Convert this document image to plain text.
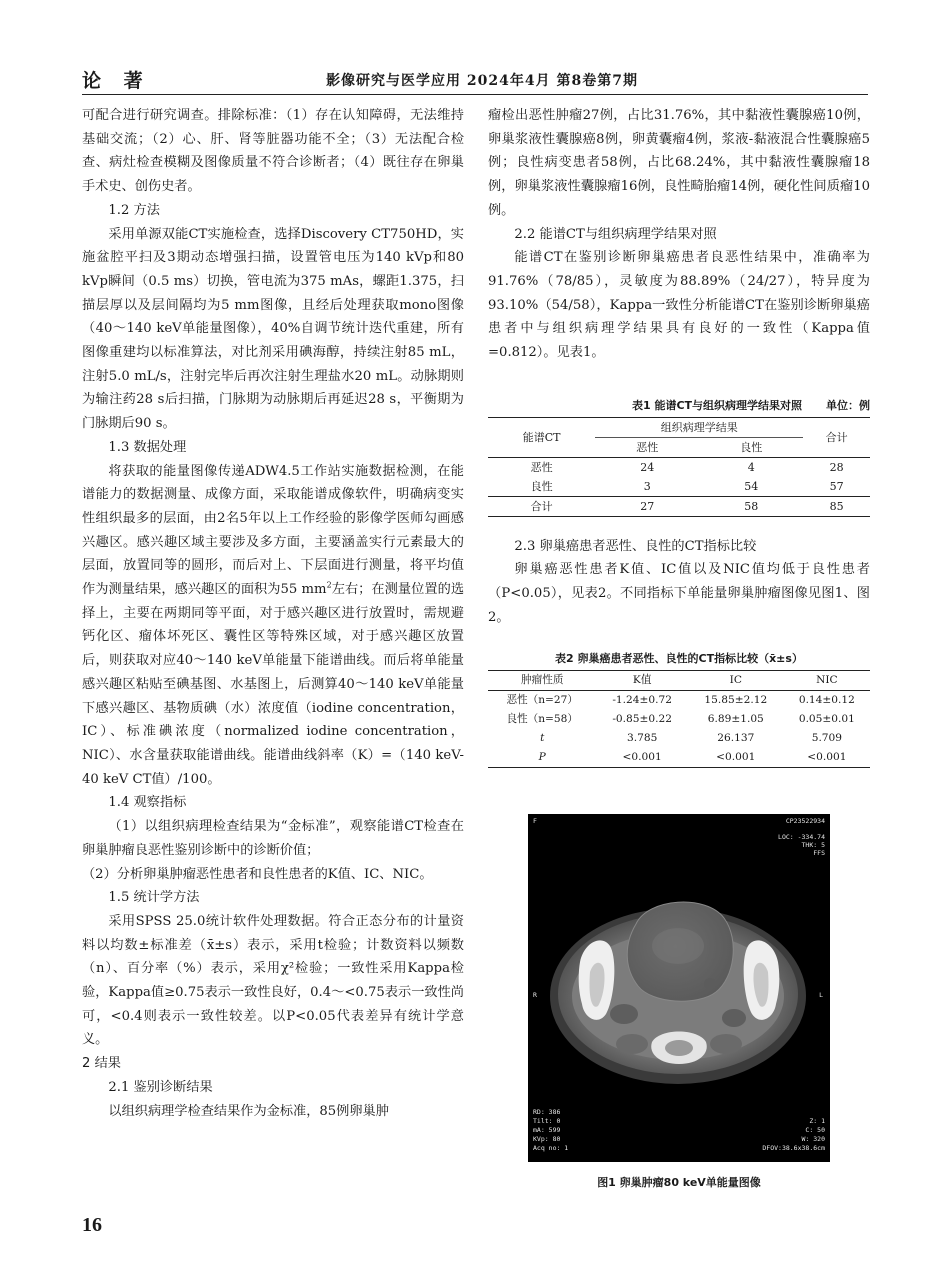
论 著	影像研究与医学应用 2024年4月 第8卷第7期

可配合进行研究调查。排除标准：（1）存在认知障碍，无法维持基础交流；（2）心、肝、肾等脏器功能不全；（3）无法配合检查、病灶检查模糊及图像质量不符合诊断者；（4）既往存在卵巢手术史、创伤史者。

1.2 方法

采用单源双能CT实施检查，选择Discovery CT750HD，实施盆腔平扫及3期动态增强扫描，设置管电压为140 kVp和80 kVp瞬间（0.5 ms）切换，管电流为375 mAs，螺距1.375，扫描层厚以及层间隔均为5 mm图像，且经后处理获取mono图像（40～140 keV单能量图像），40%自调节统计迭代重建，所有图像重建均以标准算法，对比剂采用碘海醇，持续注射85 mL，注射5.0 mL/s，注射完毕后再次注射生理盐水20 mL。动脉期则为输注药28 s后扫描，门脉期为动脉期后再延迟28 s，平衡期为门脉期后90 s。

1.3 数据处理

将获取的能量图像传递ADW4.5工作站实施数据检测，在能谱能力的数据测量、成像方面，采取能谱成像软件，明确病变实性组织最多的层面，由2名5年以上工作经验的影像学医师勾画感兴趣区。感兴趣区域主要涉及多方面，主要涵盖实行元素最大的层面，放置同等的圆形，而后对上、下层面进行测量，将平均值作为测量结果，感兴趣区的面积为55 $mm^2$左右；在测量位置的选择上，主要在两期同等平面，对于感兴趣区进行放置时，需规避钙化区、瘤体坏死区、囊性区等特殊区域，对于感兴趣区放置后，则获取对应40～140 keV单能量下能谱曲线。而后将单能量感兴趣区粘贴至碘基图、水基图上，后测算40～140 keV单能量下感兴趣区、基物质碘（水）浓度值（iodine concentration，IC）、标准碘浓度（normalized iodine concentration，NIC）、水含量获取能谱曲线。能谱曲线斜率（K）=（140 keV-40 keV CT值）/100。

1.4 观察指标

（1）以组织病理检查结果为“金标准”，观察能谱CT检查在卵巢肿瘤良恶性鉴别诊断中的诊断价值；

（2）分析卵巢肿瘤恶性患者和良性患者的K值、IC、NIC。

1.5 统计学方法

采用SPSS 25.0统计软件处理数据。符合正态分布的计量资料以均数±标准差（x̄±s）表示，采用t检验；计数资料以频数（n）、百分率（%）表示，采用χ²检验；一致性采用Kappa检验，Kappa值≥0.75表示一致性良好，0.4～<0.75表示一致性尚可，<0.4则表示一致性较差。以P<0.05代表差异有统计学意义。

2 结果

2.1 鉴别诊断结果

以组织病理学检查结果作为金标准，85例卵巢肿

瘤检出恶性肿瘤27例，占比31.76%，其中黏液性囊腺癌10例，卵巢浆液性囊腺癌8例，卵黄囊瘤4例，浆液-黏液混合性囊腺癌5例；良性病变患者58例，占比68.24%，其中黏液性囊腺瘤18例，卵巢浆液性囊腺瘤16例，良性畸胎瘤14例，硬化性间质瘤10例。

2.2 能谱CT与组织病理学结果对照

能谱CT在鉴别诊断卵巢癌患者良恶性结果中，准确率为91.76%（78/85），灵敏度为88.89%（24/27），特异度为93.10%（54/58），Kappa一致性分析能谱CT在鉴别诊断卵巢癌患者中与组织病理学结果具有良好的一致性（Kappa值=0.812）。见表1。

表1 能谱CT与组织病理学结果对照	单位：例
能谱CT	组织病理学结果		合计
	恶性	良性	
恶性	24	4	28
良性	3	54	57
合计	27	58	85

2.3 卵巢癌患者恶性、良性的CT指标比较

卵巢癌恶性患者K值、IC值以及NIC值均低于良性患者（P<0.05），见表2。不同指标下单能量卵巢肿瘤图像见图1、图2。

表2 卵巢癌患者恶性、良性的CT指标比较（x̄±s）
肿瘤性质	K值	IC	NIC
恶性（n=27）	-1.24±0.72	15.85±2.12	0.14±0.12
良性（n=58）	-0.85±0.22	6.89±1.05	0.05±0.01
t	3.785	26.137	5.709
P	<0.001	<0.001	<0.001
F	CP23522934
LOC: -334.74
THK: 5
FFS
L
R
RD: 386
Tilt: 0
mA: 599
KVp: 80
Acq no: 1
Z: 1
C: 50
W: 320
DFOV:38.6x38.6cm
图1 卵巢肿瘤80 keV单能量图像
16
